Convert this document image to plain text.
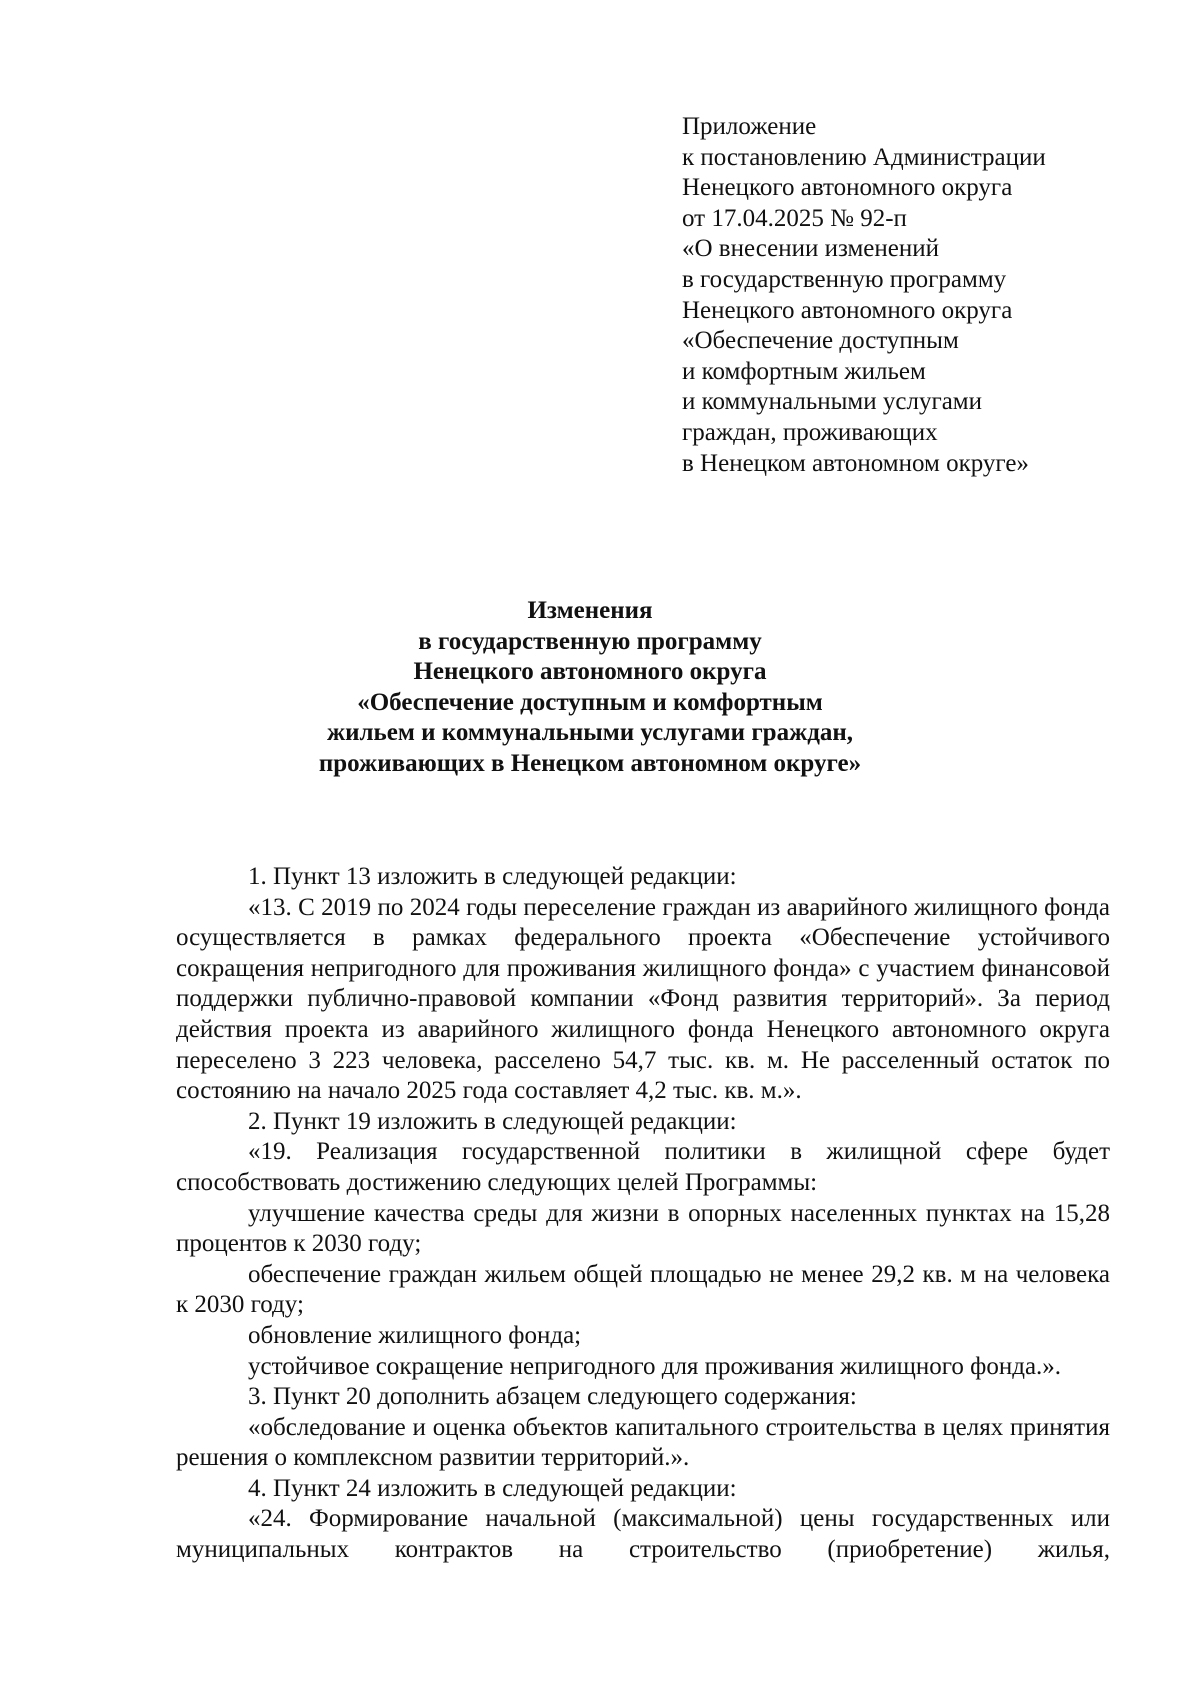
Приложение
к постановлению Администрации
Ненецкого автономного округа
от 17.04.2025 № 92-п
«О внесении изменений
в государственную программу
Ненецкого автономного округа
«Обеспечение доступным
и комфортным жильем
и коммунальными услугами
граждан, проживающих
в Ненецком автономном округе»
Изменения
в государственную программу
Ненецкого автономного округа
«Обеспечение доступным и комфортным
жильем и коммунальными услугами граждан,
проживающих в Ненецком автономном округе»

1. Пункт 13 изложить в следующей редакции:

«13. С 2019 по 2024 годы переселение граждан из аварийного жилищного фонда осуществляется в рамках федерального проекта «Обеспечение устойчивого сокращения непригодного для проживания жилищного фонда» с участием финансовой поддержки публично-правовой компании «Фонд развития территорий». За период действия проекта из аварийного жилищного фонда Ненецкого автономного округа переселено 3 223 человека, расселено 54,7 тыс. кв. м. Не расселенный остаток по состоянию на начало 2025 года составляет 4,2 тыс. кв. м.».

2. Пункт 19 изложить в следующей редакции:

«19. Реализация государственной политики в жилищной сфере будет способствовать достижению следующих целей Программы:

улучшение качества среды для жизни в опорных населенных пунктах на 15,28 процентов к 2030 году;

обеспечение граждан жильем общей площадью не менее 29,2 кв. м на человека к 2030 году;

обновление жилищного фонда;

устойчивое сокращение непригодного для проживания жилищного фонда.».

3. Пункт 20 дополнить абзацем следующего содержания:

«обследование и оценка объектов капитального строительства в целях принятия решения о комплексном развитии территорий.».

4. Пункт 24 изложить в следующей редакции:

«24. Формирование начальной (максимальной) цены государственных или муниципальных контрактов на строительство (приобретение) жилья,
